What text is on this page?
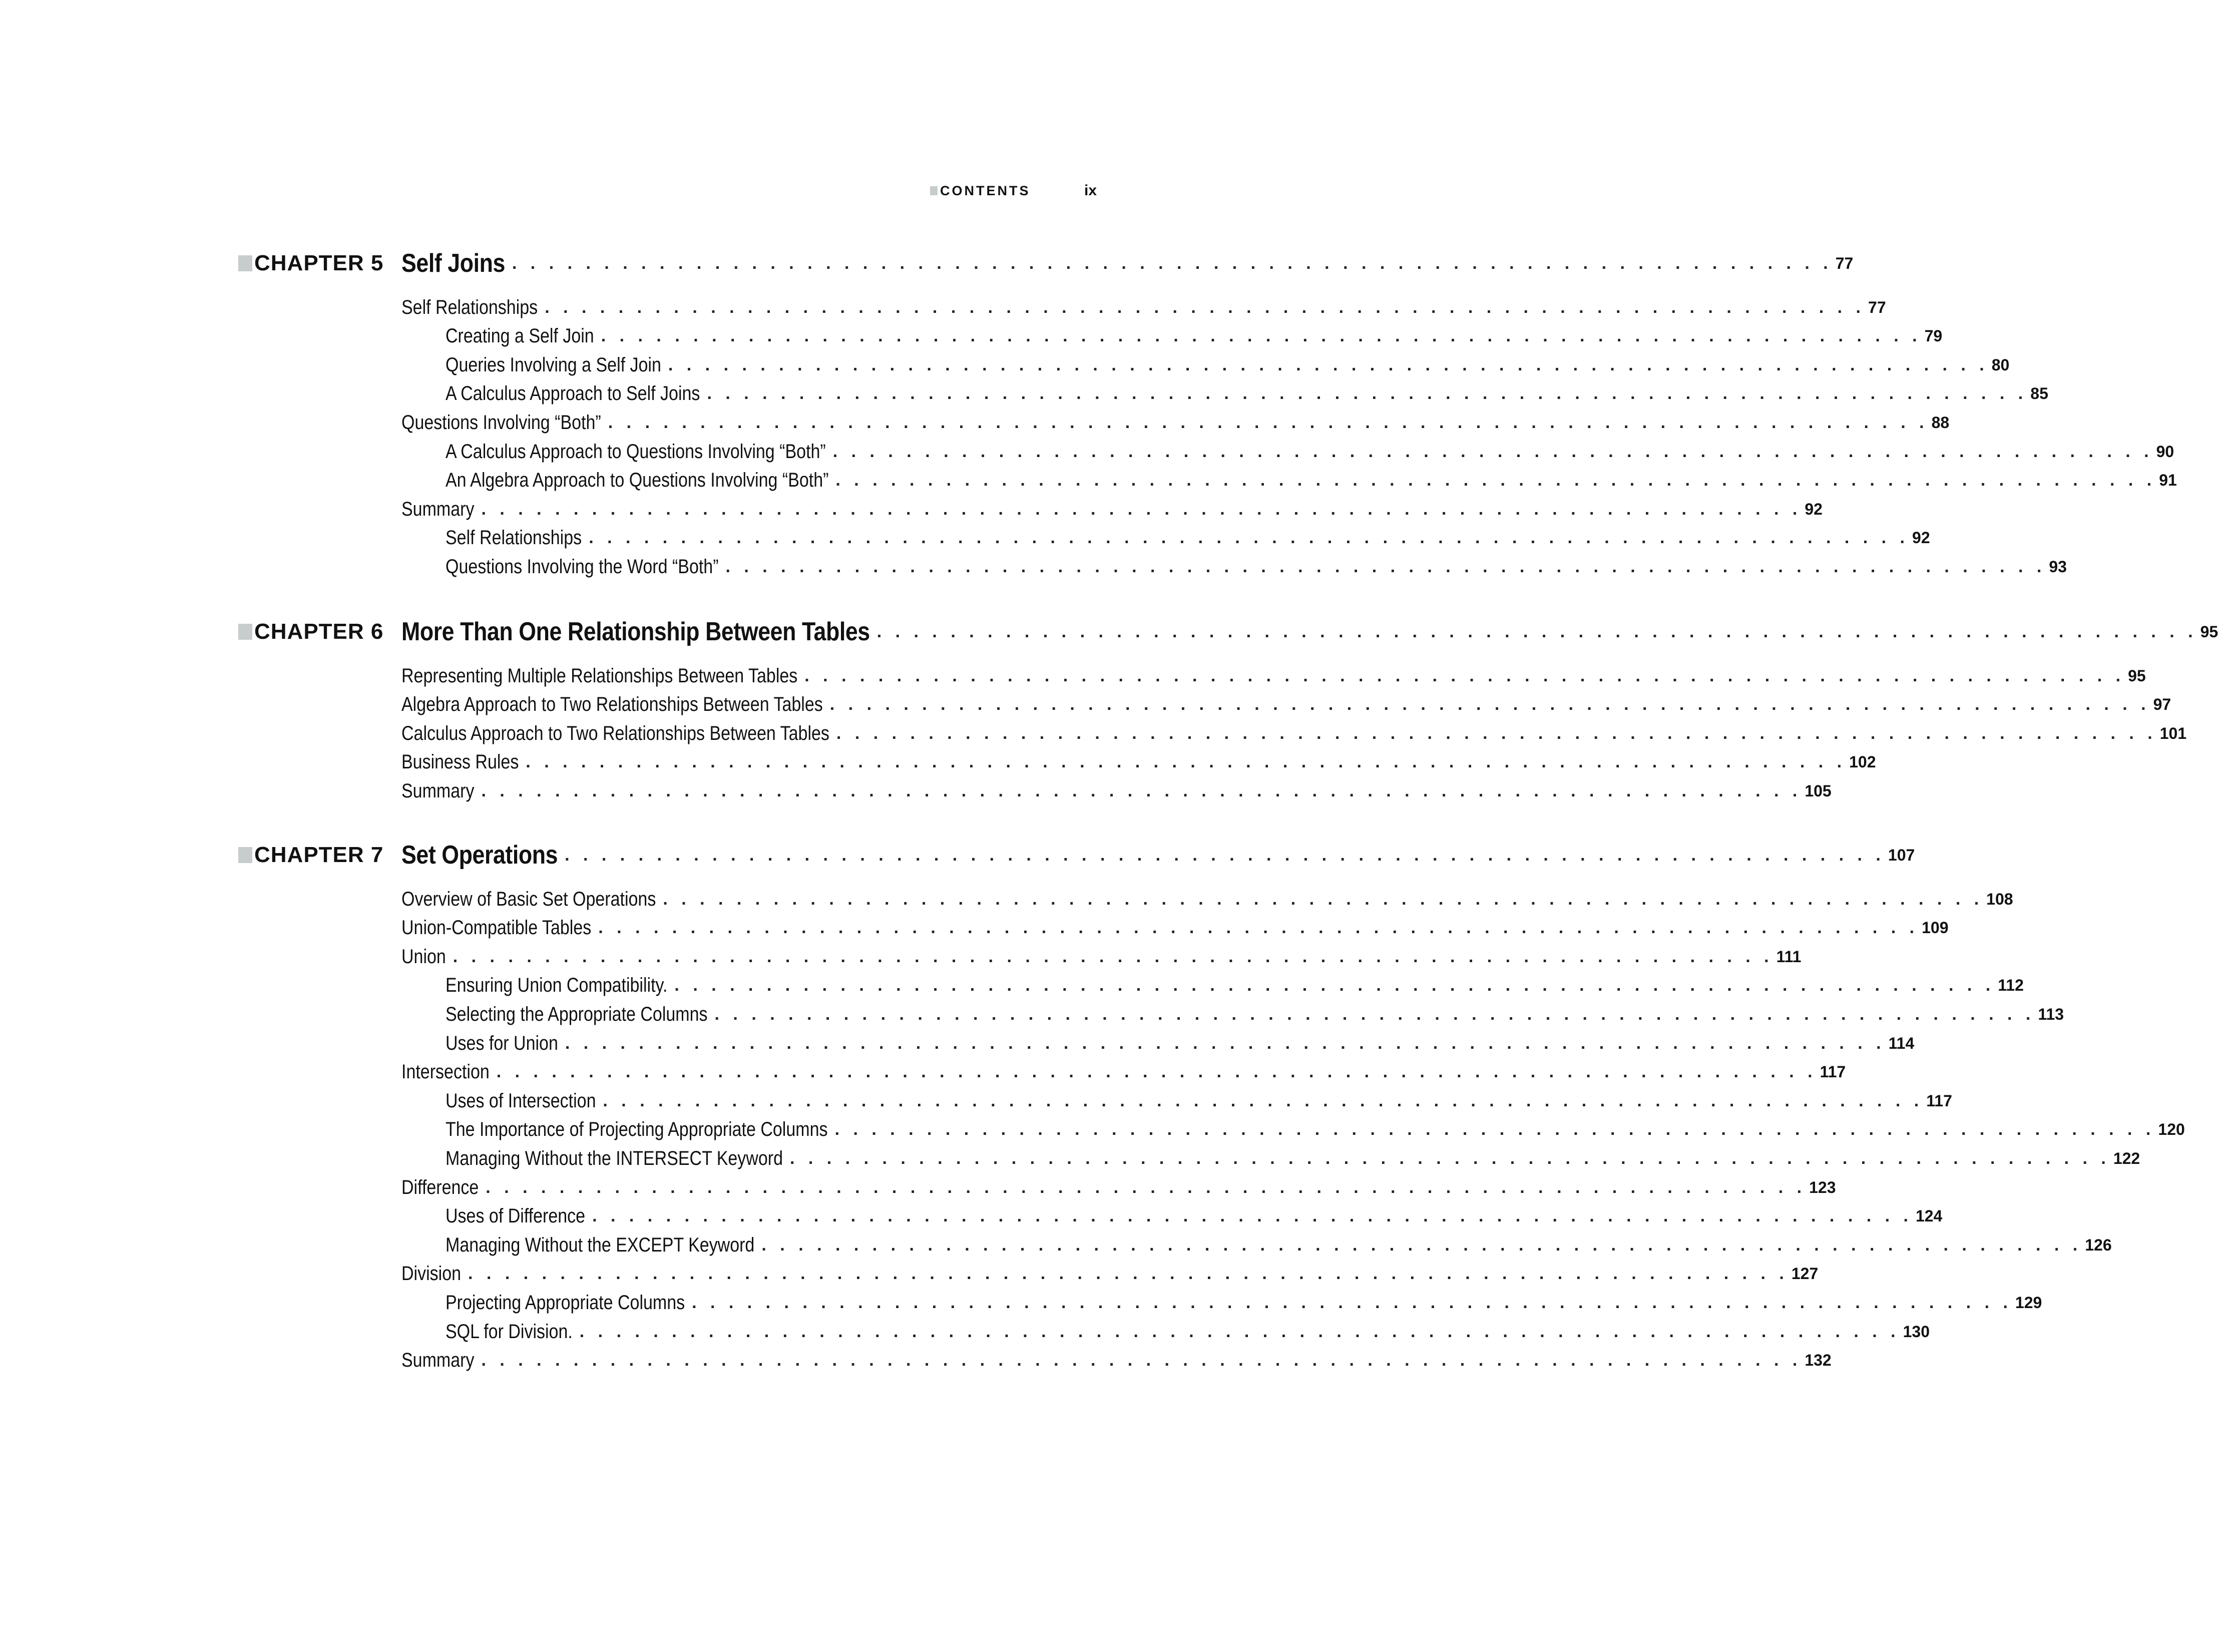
CONTENTS	ix
CHAPTER 5 Self Joins . . . . . . . . . . . . . . . . . . . . . . . . . . . . . . . . . . . . . . . . . . . . . . . . . . . . . . . . . . . . . . . . . . . . . . . . 77
Self Relationships . . . . . . . . . . . . . . . . . . . . . . . . . . . . . . . . . . . . . . . . . . . . . . . . . . . . . . . . . . . . . . . . . . . . . . . . 77
Creating a Self Join . . . . . . . . . . . . . . . . . . . . . . . . . . . . . . . . . . . . . . . . . . . . . . . . . . . . . . . . . . . . . . . . . . . . . . . . 79
Queries Involving a Self Join . . . . . . . . . . . . . . . . . . . . . . . . . . . . . . . . . . . . . . . . . . . . . . . . . . . . . . . . . . . . . . . . . . . . . . . . 80
A Calculus Approach to Self Joins . . . . . . . . . . . . . . . . . . . . . . . . . . . . . . . . . . . . . . . . . . . . . . . . . . . . . . . . . . . . . . . . . . . . . . . . 85
Questions Involving “Both” . . . . . . . . . . . . . . . . . . . . . . . . . . . . . . . . . . . . . . . . . . . . . . . . . . . . . . . . . . . . . . . . . . . . . . . . 88
A Calculus Approach to Questions Involving “Both” . . . . . . . . . . . . . . . . . . . . . . . . . . . . . . . . . . . . . . . . . . . . . . . . . . . . . . . . . . . . . . . . . . . . . . . . 90
An Algebra Approach to Questions Involving “Both” . . . . . . . . . . . . . . . . . . . . . . . . . . . . . . . . . . . . . . . . . . . . . . . . . . . . . . . . . . . . . . . . . . . . . . . . 91
Summary . . . . . . . . . . . . . . . . . . . . . . . . . . . . . . . . . . . . . . . . . . . . . . . . . . . . . . . . . . . . . . . . . . . . . . . . 92
Self Relationships . . . . . . . . . . . . . . . . . . . . . . . . . . . . . . . . . . . . . . . . . . . . . . . . . . . . . . . . . . . . . . . . . . . . . . . . 92
Questions Involving the Word “Both” . . . . . . . . . . . . . . . . . . . . . . . . . . . . . . . . . . . . . . . . . . . . . . . . . . . . . . . . . . . . . . . . . . . . . . . . 93
CHAPTER 6 More Than One Relationship Between Tables . . . . . . . . . . . . . . . . . . . . . . . . . . . . . . . . . . . . . . . . . . . . . . . . . . . . . . . . . . . . . . . . . . . . . . . . 95
Representing Multiple Relationships Between Tables . . . . . . . . . . . . . . . . . . . . . . . . . . . . . . . . . . . . . . . . . . . . . . . . . . . . . . . . . . . . . . . . . . . . . . . . 95
Algebra Approach to Two Relationships Between Tables . . . . . . . . . . . . . . . . . . . . . . . . . . . . . . . . . . . . . . . . . . . . . . . . . . . . . . . . . . . . . . . . . . . . . . . . 97
Calculus Approach to Two Relationships Between Tables . . . . . . . . . . . . . . . . . . . . . . . . . . . . . . . . . . . . . . . . . . . . . . . . . . . . . . . . . . . . . . . . . . . . . . . . 101
Business Rules . . . . . . . . . . . . . . . . . . . . . . . . . . . . . . . . . . . . . . . . . . . . . . . . . . . . . . . . . . . . . . . . . . . . . . . . 102
Summary . . . . . . . . . . . . . . . . . . . . . . . . . . . . . . . . . . . . . . . . . . . . . . . . . . . . . . . . . . . . . . . . . . . . . . . . 105
CHAPTER 7 Set Operations . . . . . . . . . . . . . . . . . . . . . . . . . . . . . . . . . . . . . . . . . . . . . . . . . . . . . . . . . . . . . . . . . . . . . . . . 107
Overview of Basic Set Operations . . . . . . . . . . . . . . . . . . . . . . . . . . . . . . . . . . . . . . . . . . . . . . . . . . . . . . . . . . . . . . . . . . . . . . . . 108
Union-Compatible Tables . . . . . . . . . . . . . . . . . . . . . . . . . . . . . . . . . . . . . . . . . . . . . . . . . . . . . . . . . . . . . . . . . . . . . . . . 109
Union . . . . . . . . . . . . . . . . . . . . . . . . . . . . . . . . . . . . . . . . . . . . . . . . . . . . . . . . . . . . . . . . . . . . . . . . 111
Ensuring Union Compatibility. . . . . . . . . . . . . . . . . . . . . . . . . . . . . . . . . . . . . . . . . . . . . . . . . . . . . . . . . . . . . . . . . . . . . . . . . 112
Selecting the Appropriate Columns . . . . . . . . . . . . . . . . . . . . . . . . . . . . . . . . . . . . . . . . . . . . . . . . . . . . . . . . . . . . . . . . . . . . . . . . 113
Uses for Union . . . . . . . . . . . . . . . . . . . . . . . . . . . . . . . . . . . . . . . . . . . . . . . . . . . . . . . . . . . . . . . . . . . . . . . . 114
Intersection . . . . . . . . . . . . . . . . . . . . . . . . . . . . . . . . . . . . . . . . . . . . . . . . . . . . . . . . . . . . . . . . . . . . . . . . 117
Uses of Intersection . . . . . . . . . . . . . . . . . . . . . . . . . . . . . . . . . . . . . . . . . . . . . . . . . . . . . . . . . . . . . . . . . . . . . . . . 117
The Importance of Projecting Appropriate Columns . . . . . . . . . . . . . . . . . . . . . . . . . . . . . . . . . . . . . . . . . . . . . . . . . . . . . . . . . . . . . . . . . . . . . . . . 120
Managing Without the INTERSECT Keyword . . . . . . . . . . . . . . . . . . . . . . . . . . . . . . . . . . . . . . . . . . . . . . . . . . . . . . . . . . . . . . . . . . . . . . . . 122
Difference . . . . . . . . . . . . . . . . . . . . . . . . . . . . . . . . . . . . . . . . . . . . . . . . . . . . . . . . . . . . . . . . . . . . . . . . 123
Uses of Difference . . . . . . . . . . . . . . . . . . . . . . . . . . . . . . . . . . . . . . . . . . . . . . . . . . . . . . . . . . . . . . . . . . . . . . . . 124
Managing Without the EXCEPT Keyword . . . . . . . . . . . . . . . . . . . . . . . . . . . . . . . . . . . . . . . . . . . . . . . . . . . . . . . . . . . . . . . . . . . . . . . . 126
Division . . . . . . . . . . . . . . . . . . . . . . . . . . . . . . . . . . . . . . . . . . . . . . . . . . . . . . . . . . . . . . . . . . . . . . . . 127
Projecting Appropriate Columns . . . . . . . . . . . . . . . . . . . . . . . . . . . . . . . . . . . . . . . . . . . . . . . . . . . . . . . . . . . . . . . . . . . . . . . . 129
SQL for Division. . . . . . . . . . . . . . . . . . . . . . . . . . . . . . . . . . . . . . . . . . . . . . . . . . . . . . . . . . . . . . . . . . . . . . . . . 130
Summary . . . . . . . . . . . . . . . . . . . . . . . . . . . . . . . . . . . . . . . . . . . . . . . . . . . . . . . . . . . . . . . . . . . . . . . . 132
